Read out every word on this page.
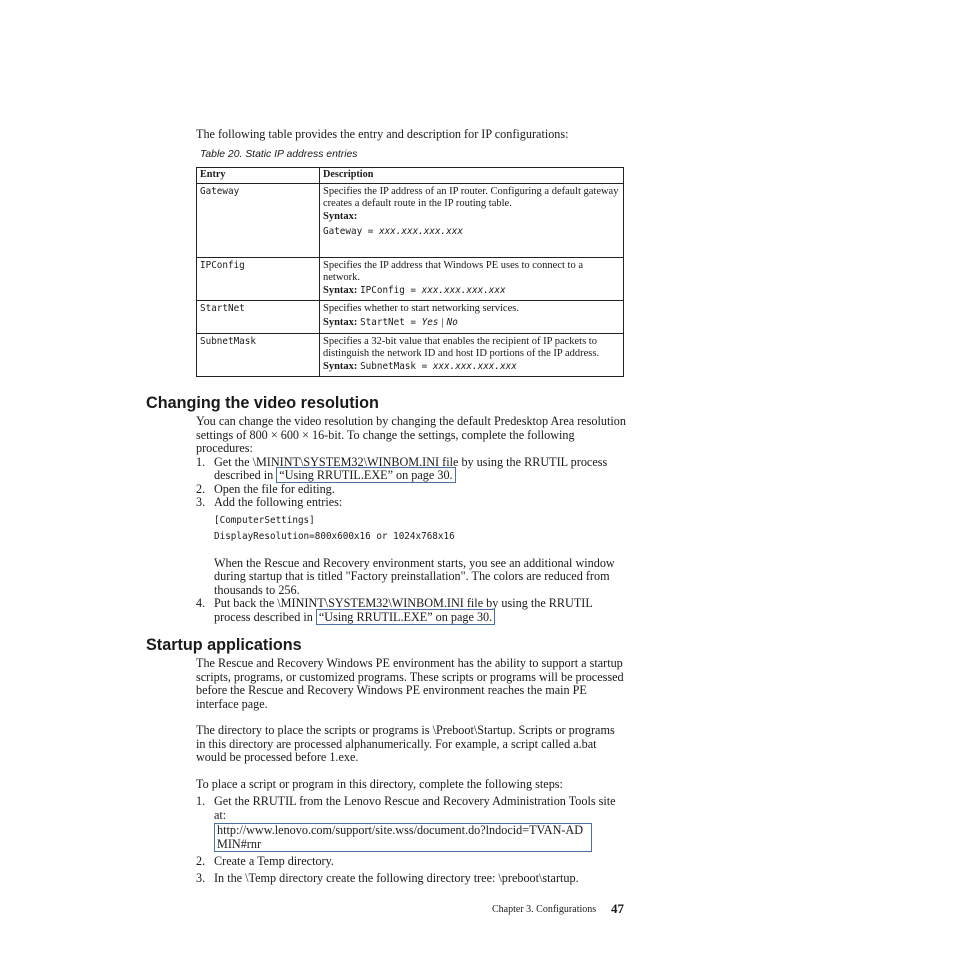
The following table provides the entry and description for IP configurations:
Table 20. Static IP address entries
Entry	Description
Gateway	Specifies the IP address of an IP router. Configuring a default gateway creates a default route in the IP routing table.
Syntax:
Gateway = xxx.xxx.xxx.xxx

IPConfig	Specifies the IP address that Windows PE uses to connect to a network.
Syntax: IPConfig = xxx.xxx.xxx.xxx

StartNet	Specifies whether to start networking services.
Syntax: StartNet = Yes | No

SubnetMask	Specifies a 32-bit value that enables the recipient of IP packets to distinguish the network ID and host ID portions of the IP address.
Syntax: SubnetMask = xxx.xxx.xxx.xxx
Changing the video resolution
You can change the video resolution by changing the default Predesktop Area resolution settings of 800 × 600 × 16-bit. To change the settings, complete the following procedures:
1. Get the \MININT\SYSTEM32\WINBOM.INI file by using the RRUTIL process described in “Using RRUTIL.EXE” on page 30.
2. Open the file for editing.
3. Add the following entries:
[ComputerSettings]
DisplayResolution=800x600x16 or 1024x768x16
When the Rescue and Recovery environment starts, you see an additional window during startup that is titled "Factory preinstallation". The colors are reduced from thousands to 256.
4. Put back the \MININT\SYSTEM32\WINBOM.INI file by using the RRUTIL process described in “Using RRUTIL.EXE” on page 30.
Startup applications
The Rescue and Recovery Windows PE environment has the ability to support a startup scripts, programs, or customized programs. These scripts or programs will be processed before the Rescue and Recovery Windows PE environment reaches the main PE interface page.
The directory to place the scripts or programs is \Preboot\Startup. Scripts or programs in this directory are processed alphanumerically. For example, a script called a.bat would be processed before 1.exe.
To place a script or program in this directory, complete the following steps:
1. Get the RRUTIL from the Lenovo Rescue and Recovery Administration Tools site at:
http://www.lenovo.com/support/site.wss/document.do?lndocid=TVAN-ADMIN#rnr
2. Create a Temp directory.
3. In the \Temp directory create the following directory tree: \preboot\startup.
Chapter 3. Configurations 47
